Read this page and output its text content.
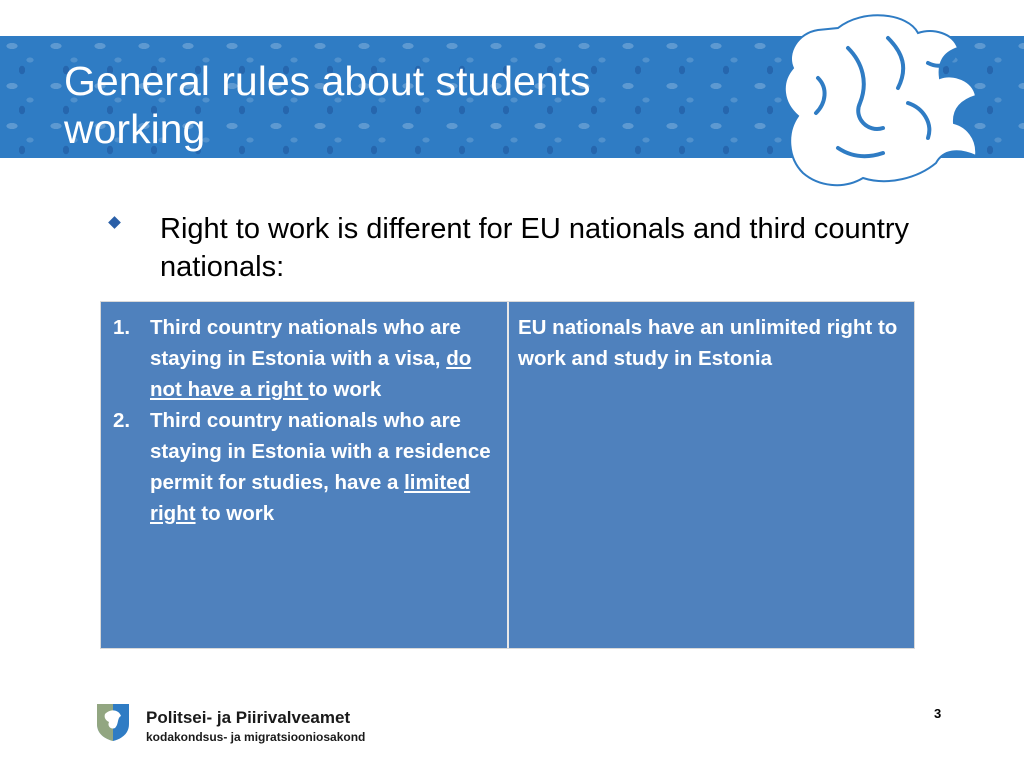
General rules about students working
Right to work is different for EU nationals and third country nationals:
1. Third country nationals who are staying in Estonia with a visa, do not have a right to work
2. Third country nationals who are staying in Estonia with a residence permit for studies, have a limited right to work
EU nationals have an unlimited right to work and study in Estonia
Politsei- ja Piirivalveamet
kodakondsus- ja migratsiooniosakond
3
